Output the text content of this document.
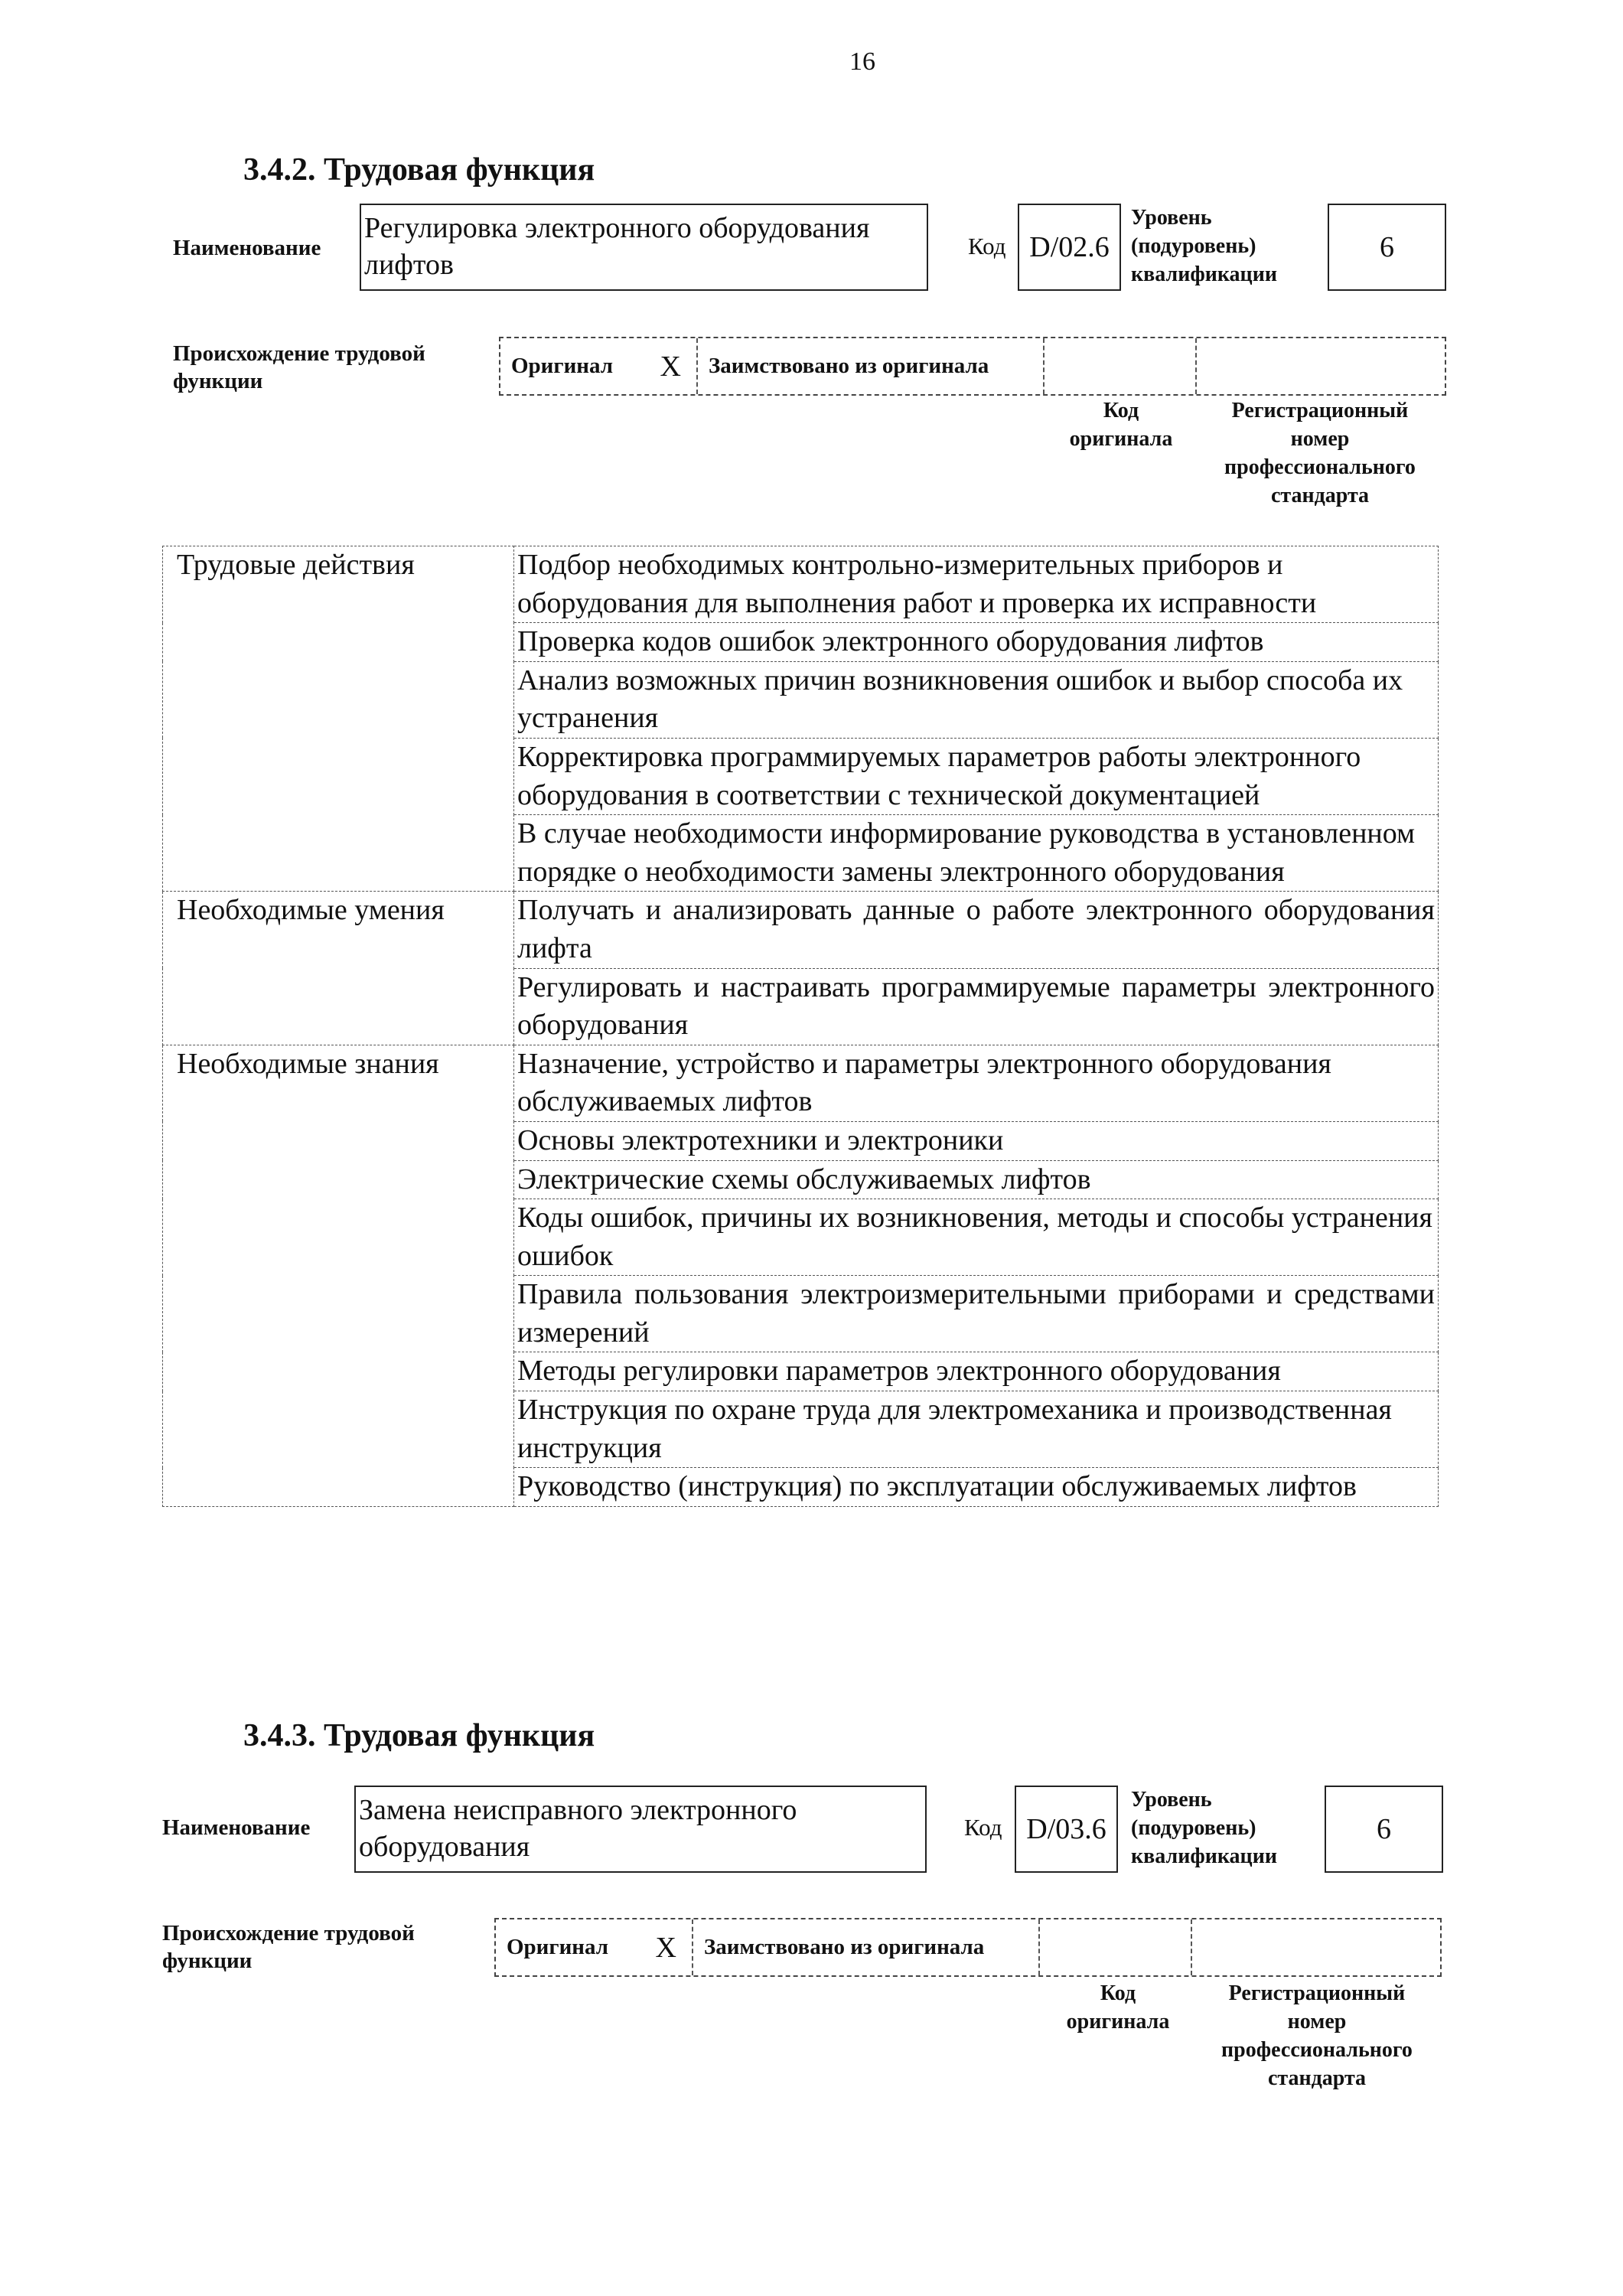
16
3.4.2. Трудовая функция
Наименование
Регулировка электронного оборудования лифтов
Код D/02.6
Уровень
(подуровень)
квалификации
6
Происхождение трудовой функции
Оригинал X	Заимствовано из оригинала
Код оригинала
Регистрационный номер профессионального стандарта
Трудовые действия	Подбор необходимых контрольно-измерительных приборов и оборудования для выполнения работ и проверка их исправности
	Проверка кодов ошибок электронного оборудования лифтов
	Анализ возможных причин возникновения ошибок и выбор способа их устранения
	Корректировка программируемых параметров работы электронного оборудования в соответствии с технической документацией
	В случае необходимости информирование руководства в установленном порядке о необходимости замены электронного оборудования
Необходимые умения	Получать и анализировать данные о работе электронного оборудования лифта
	Регулировать и настраивать программируемые параметры электронного оборудования
Необходимые знания	Назначение, устройство и параметры электронного оборудования обслуживаемых лифтов
	Основы электротехники и электроники
	Электрические схемы обслуживаемых лифтов
	Коды ошибок, причины их возникновения, методы и способы устранения ошибок
	Правила пользования электроизмерительными приборами и средствами измерений
	Методы регулировки параметров электронного оборудования
	Инструкция по охране труда для электромеханика и производственная инструкция
	Руководство (инструкция) по эксплуатации обслуживаемых лифтов
3.4.3. Трудовая функция
Наименование
Замена неисправного электронного оборудования
Код D/03.6
Уровень
(подуровень)
квалификации
6
Происхождение трудовой функции
Оригинал X	Заимствовано из оригинала
Код оригинала
Регистрационный номер профессионального стандарта
